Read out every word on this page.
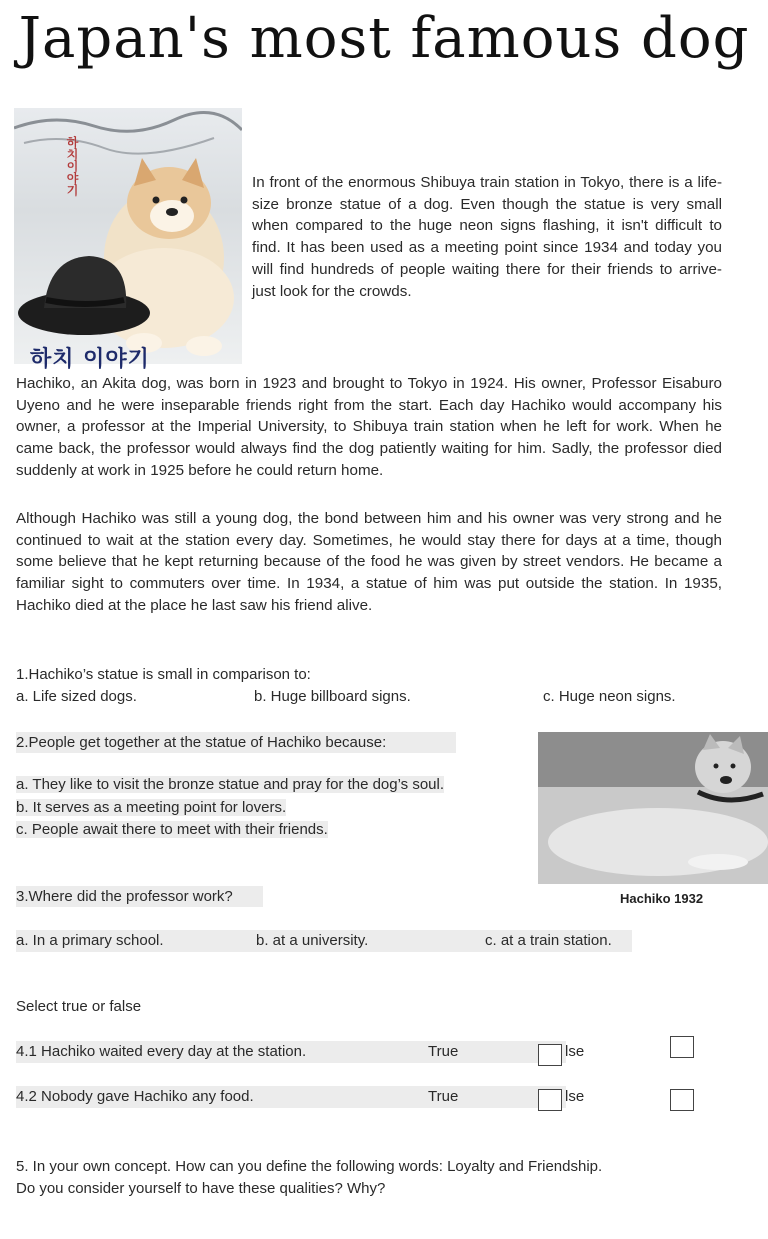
Japan's most famous dog
하치이야기
하치 이야기
In front of the enormous Shibuya train station in Tokyo, there is a life-size bronze statue of a dog. Even though the statue is very small when compared to the huge neon signs flashing, it isn't difficult to find. It has been used as a meeting point since 1934 and today you will find hundreds of people waiting there for their friends to arrive- just look for the crowds.
Hachiko, an Akita dog, was born in 1923 and brought to Tokyo in 1924. His owner, Professor Eisaburo Uyeno and he were inseparable friends right from the start. Each day Hachiko would accompany his owner, a professor at the Imperial University, to Shibuya train station when he left for work. When he came back, the professor would always find the dog patiently waiting for him. Sadly, the professor died suddenly at work in 1925 before he could return home.
Although Hachiko was still a young dog, the bond between him and his owner was very strong and he continued to wait at the station every day. Sometimes, he would stay there for days at a time, though some believe that he kept returning because of the food he was given by street vendors. He became a familiar sight to commuters over time. In 1934, a statue of him was put outside the station. In 1935, Hachiko died at the place he last saw his friend alive.
1.Hachiko’s statue is small in comparison to:
a. Life sized dogs.	b. Huge billboard signs.	c. Huge neon signs.
2.People get together at the statue of Hachiko because:
a. They like to visit the bronze statue and pray for the dog’s soul.
b. It serves as a meeting point for lovers.
c. People await there to meet with their friends.
Hachiko 1932
3.Where did the professor work?
a. In a primary school.	b. at a university.	c. at a train station.
Select true or false
4.1 Hachiko waited every day at the station.	True	lse
4.2 Nobody gave Hachiko any food.	True	lse
5. In your own concept. How can you define the following words: Loyalty and Friendship.
Do you consider yourself to have these qualities? Why?
